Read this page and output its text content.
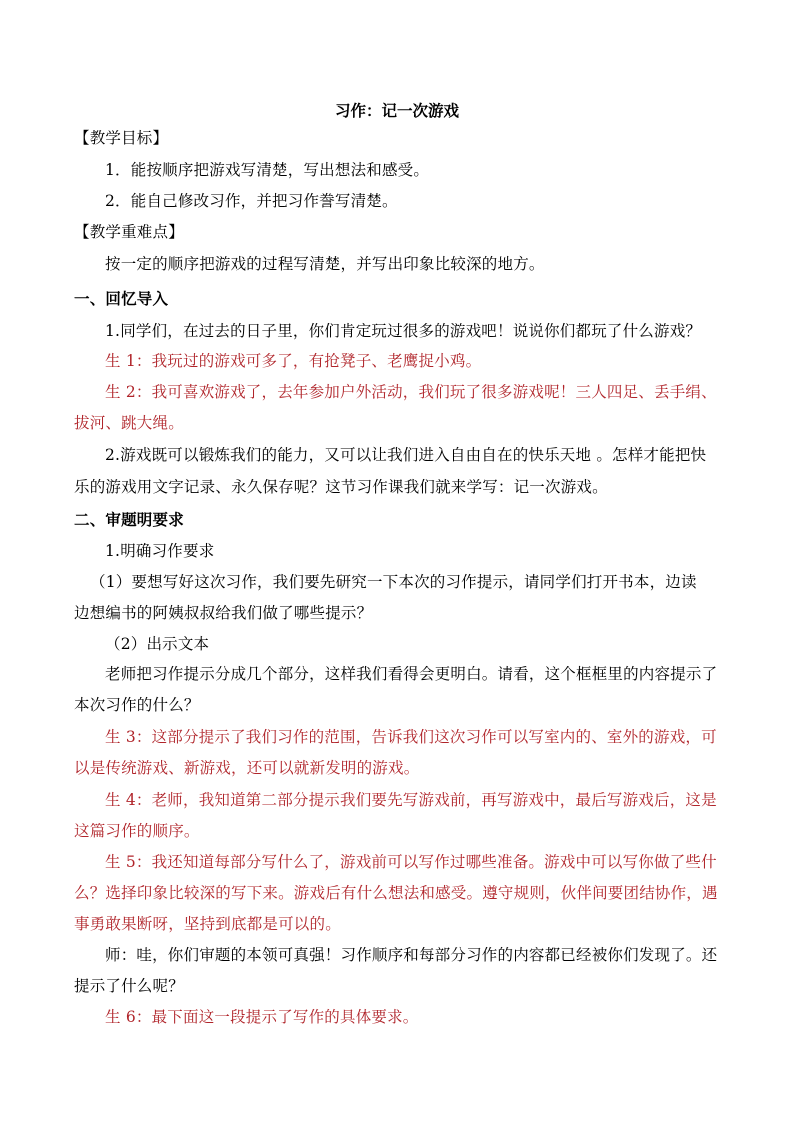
习作：记一次游戏
【教学目标】
1．能按顺序把游戏写清楚，写出想法和感受。
2．能自己修改习作，并把习作誊写清楚。
【教学重难点】
按一定的顺序把游戏的过程写清楚，并写出印象比较深的地方。
一、回忆导入
1.同学们，在过去的日子里，你们肯定玩过很多的游戏吧！说说你们都玩了什么游戏？
生 1：我玩过的游戏可多了，有抢凳子、老鹰捉小鸡。
生 2：我可喜欢游戏了，去年参加户外活动，我们玩了很多游戏呢！三人四足、丢手绢、
拔河、跳大绳。
2.游戏既可以锻炼我们的能力，又可以让我们进入自由自在的快乐天地 。怎样才能把快
乐的游戏用文字记录、永久保存呢？这节习作课我们就来学写：记一次游戏。
二、审题明要求
1.明确习作要求
（1）要想写好这次习作，我们要先研究一下本次的习作提示，请同学们打开书本，边读
边想编书的阿姨叔叔给我们做了哪些提示？
（2）出示文本
老师把习作提示分成几个部分，这样我们看得会更明白。请看，这个框框里的内容提示了
本次习作的什么？
生 3：这部分提示了我们习作的范围，告诉我们这次习作可以写室内的、室外的游戏，可
以是传统游戏、新游戏，还可以就新发明的游戏。
生 4：老师，我知道第二部分提示我们要先写游戏前，再写游戏中，最后写游戏后，这是
这篇习作的顺序。
生 5：我还知道每部分写什么了，游戏前可以写作过哪些准备。游戏中可以写你做了些什
么？选择印象比较深的写下来。游戏后有什么想法和感受。遵守规则，伙伴间要团结协作，遇
事勇敢果断呀，坚持到底都是可以的。
师：哇，你们审题的本领可真强！习作顺序和每部分习作的内容都已经被你们发现了。还
提示了什么呢？
生 6：最下面这一段提示了写作的具体要求。
